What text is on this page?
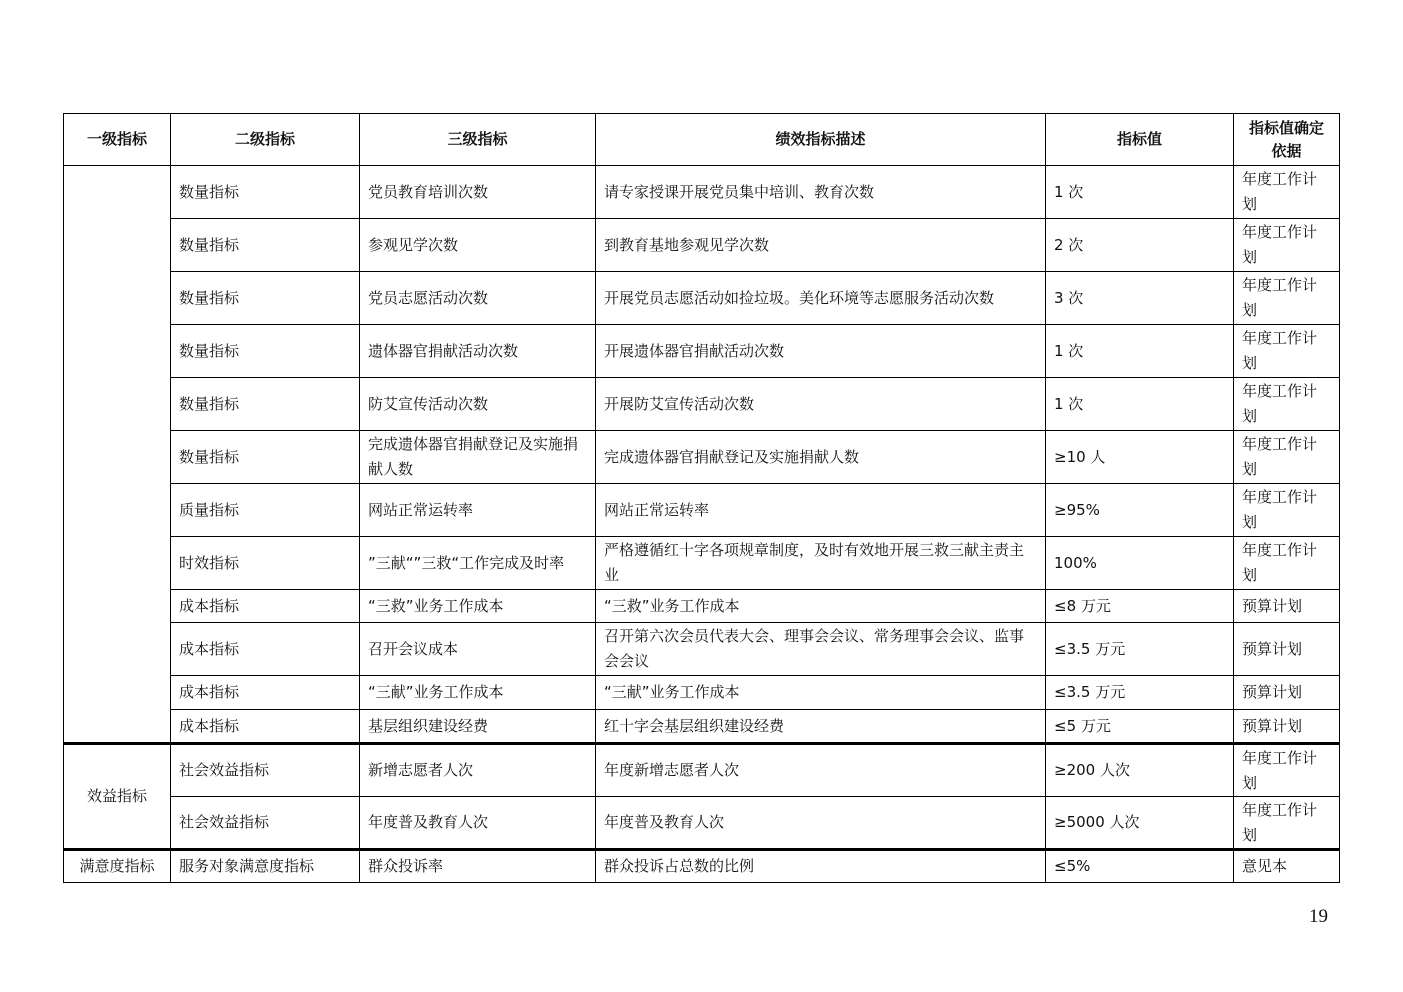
一级指标	二级指标	三级指标	绩效指标描述	指标值	指标值确定依据
	数量指标	党员教育培训次数	请专家授课开展党员集中培训、教育次数	1 次	年度工作计划
	数量指标	参观见学次数	到教育基地参观见学次数	2 次	年度工作计划
	数量指标	党员志愿活动次数	开展党员志愿活动如捡垃圾。美化环境等志愿服务活动次数	3 次	年度工作计划
	数量指标	遗体器官捐献活动次数	开展遗体器官捐献活动次数	1 次	年度工作计划
	数量指标	防艾宣传活动次数	开展防艾宣传活动次数	1 次	年度工作计划
	数量指标	完成遗体器官捐献登记及实施捐献人数	完成遗体器官捐献登记及实施捐献人数	≥10 人	年度工作计划
	质量指标	网站正常运转率	网站正常运转率	≥95%	年度工作计划
	时效指标	”三献“”三救“工作完成及时率	严格遵循红十字各项规章制度，及时有效地开展三救三献主责主业	100%	年度工作计划
	成本指标	“三救”业务工作成本	“三救”业务工作成本	≤8 万元	预算计划
	成本指标	召开会议成本	召开第六次会员代表大会、理事会会议、常务理事会会议、监事会会议	≤3.5 万元	预算计划
	成本指标	“三献”业务工作成本	“三献”业务工作成本	≤3.5 万元	预算计划
	成本指标	基层组织建设经费	红十字会基层组织建设经费	≤5 万元	预算计划
效益指标	社会效益指标	新增志愿者人次	年度新增志愿者人次	≥200 人次	年度工作计划
	社会效益指标	年度普及教育人次	年度普及教育人次	≥5000 人次	年度工作计划
满意度指标	服务对象满意度指标	群众投诉率	群众投诉占总数的比例	≤5%	意见本
19
